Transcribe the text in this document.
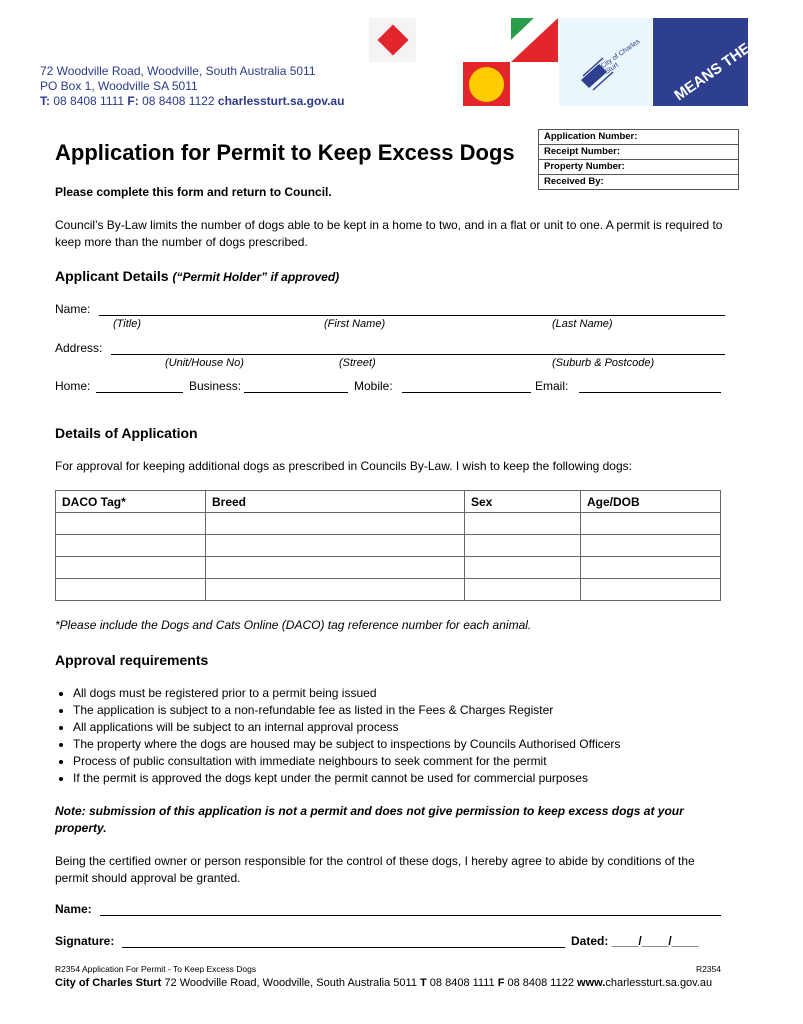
72 Woodville Road, Woodville, South Australia 5011
PO Box 1, Woodville SA 5011
T: 08 8408 1111 F: 08 8408 1122 charlessturt.sa.gov.au
City of Charles Sturt	MEANS THE WORLD
Application for Permit to Keep Excess Dogs
Application Number:
Receipt Number:
Property Number:
Received By:
Please complete this form and return to Council.
Council’s By-Law limits the number of dogs able to be kept in a home to two, and in a flat or unit to one. A permit is required to keep more than the number of dogs prescribed.
Applicant Details (“Permit Holder” if approved)
Name:
(Title)	(First Name)	(Last Name)
Address:
(Unit/House No)	(Street)	(Suburb & Postcode)
Home:	Business:	Mobile:	Email:
Details of Application
For approval for keeping additional dogs as prescribed in Councils By-Law. I wish to keep the following dogs:
DACO Tag*	Breed	Sex	Age/DOB

*Please include the Dogs and Cats Online (DACO) tag reference number for each animal.
Approval requirements
• All dogs must be registered prior to a permit being issued
• The application is subject to a non-refundable fee as listed in the Fees & Charges Register
• All applications will be subject to an internal approval process
• The property where the dogs are housed may be subject to inspections by Councils Authorised Officers
• Process of public consultation with immediate neighbours to seek comment for the permit
• If the permit is approved the dogs kept under the permit cannot be used for commercial purposes
Note: submission of this application is not a permit and does not give permission to keep excess dogs at your property.
Being the certified owner or person responsible for the control of these dogs, I hereby agree to abide by conditions of the permit should approval be granted.
Name:
Signature:	Dated: ____/____/____
R2354 Application For Permit - To Keep Excess Dogs	R2354
City of Charles Sturt 72 Woodville Road, Woodville, South Australia 5011 T 08 8408 1111 F 08 8408 1122 www.charlessturt.sa.gov.au
